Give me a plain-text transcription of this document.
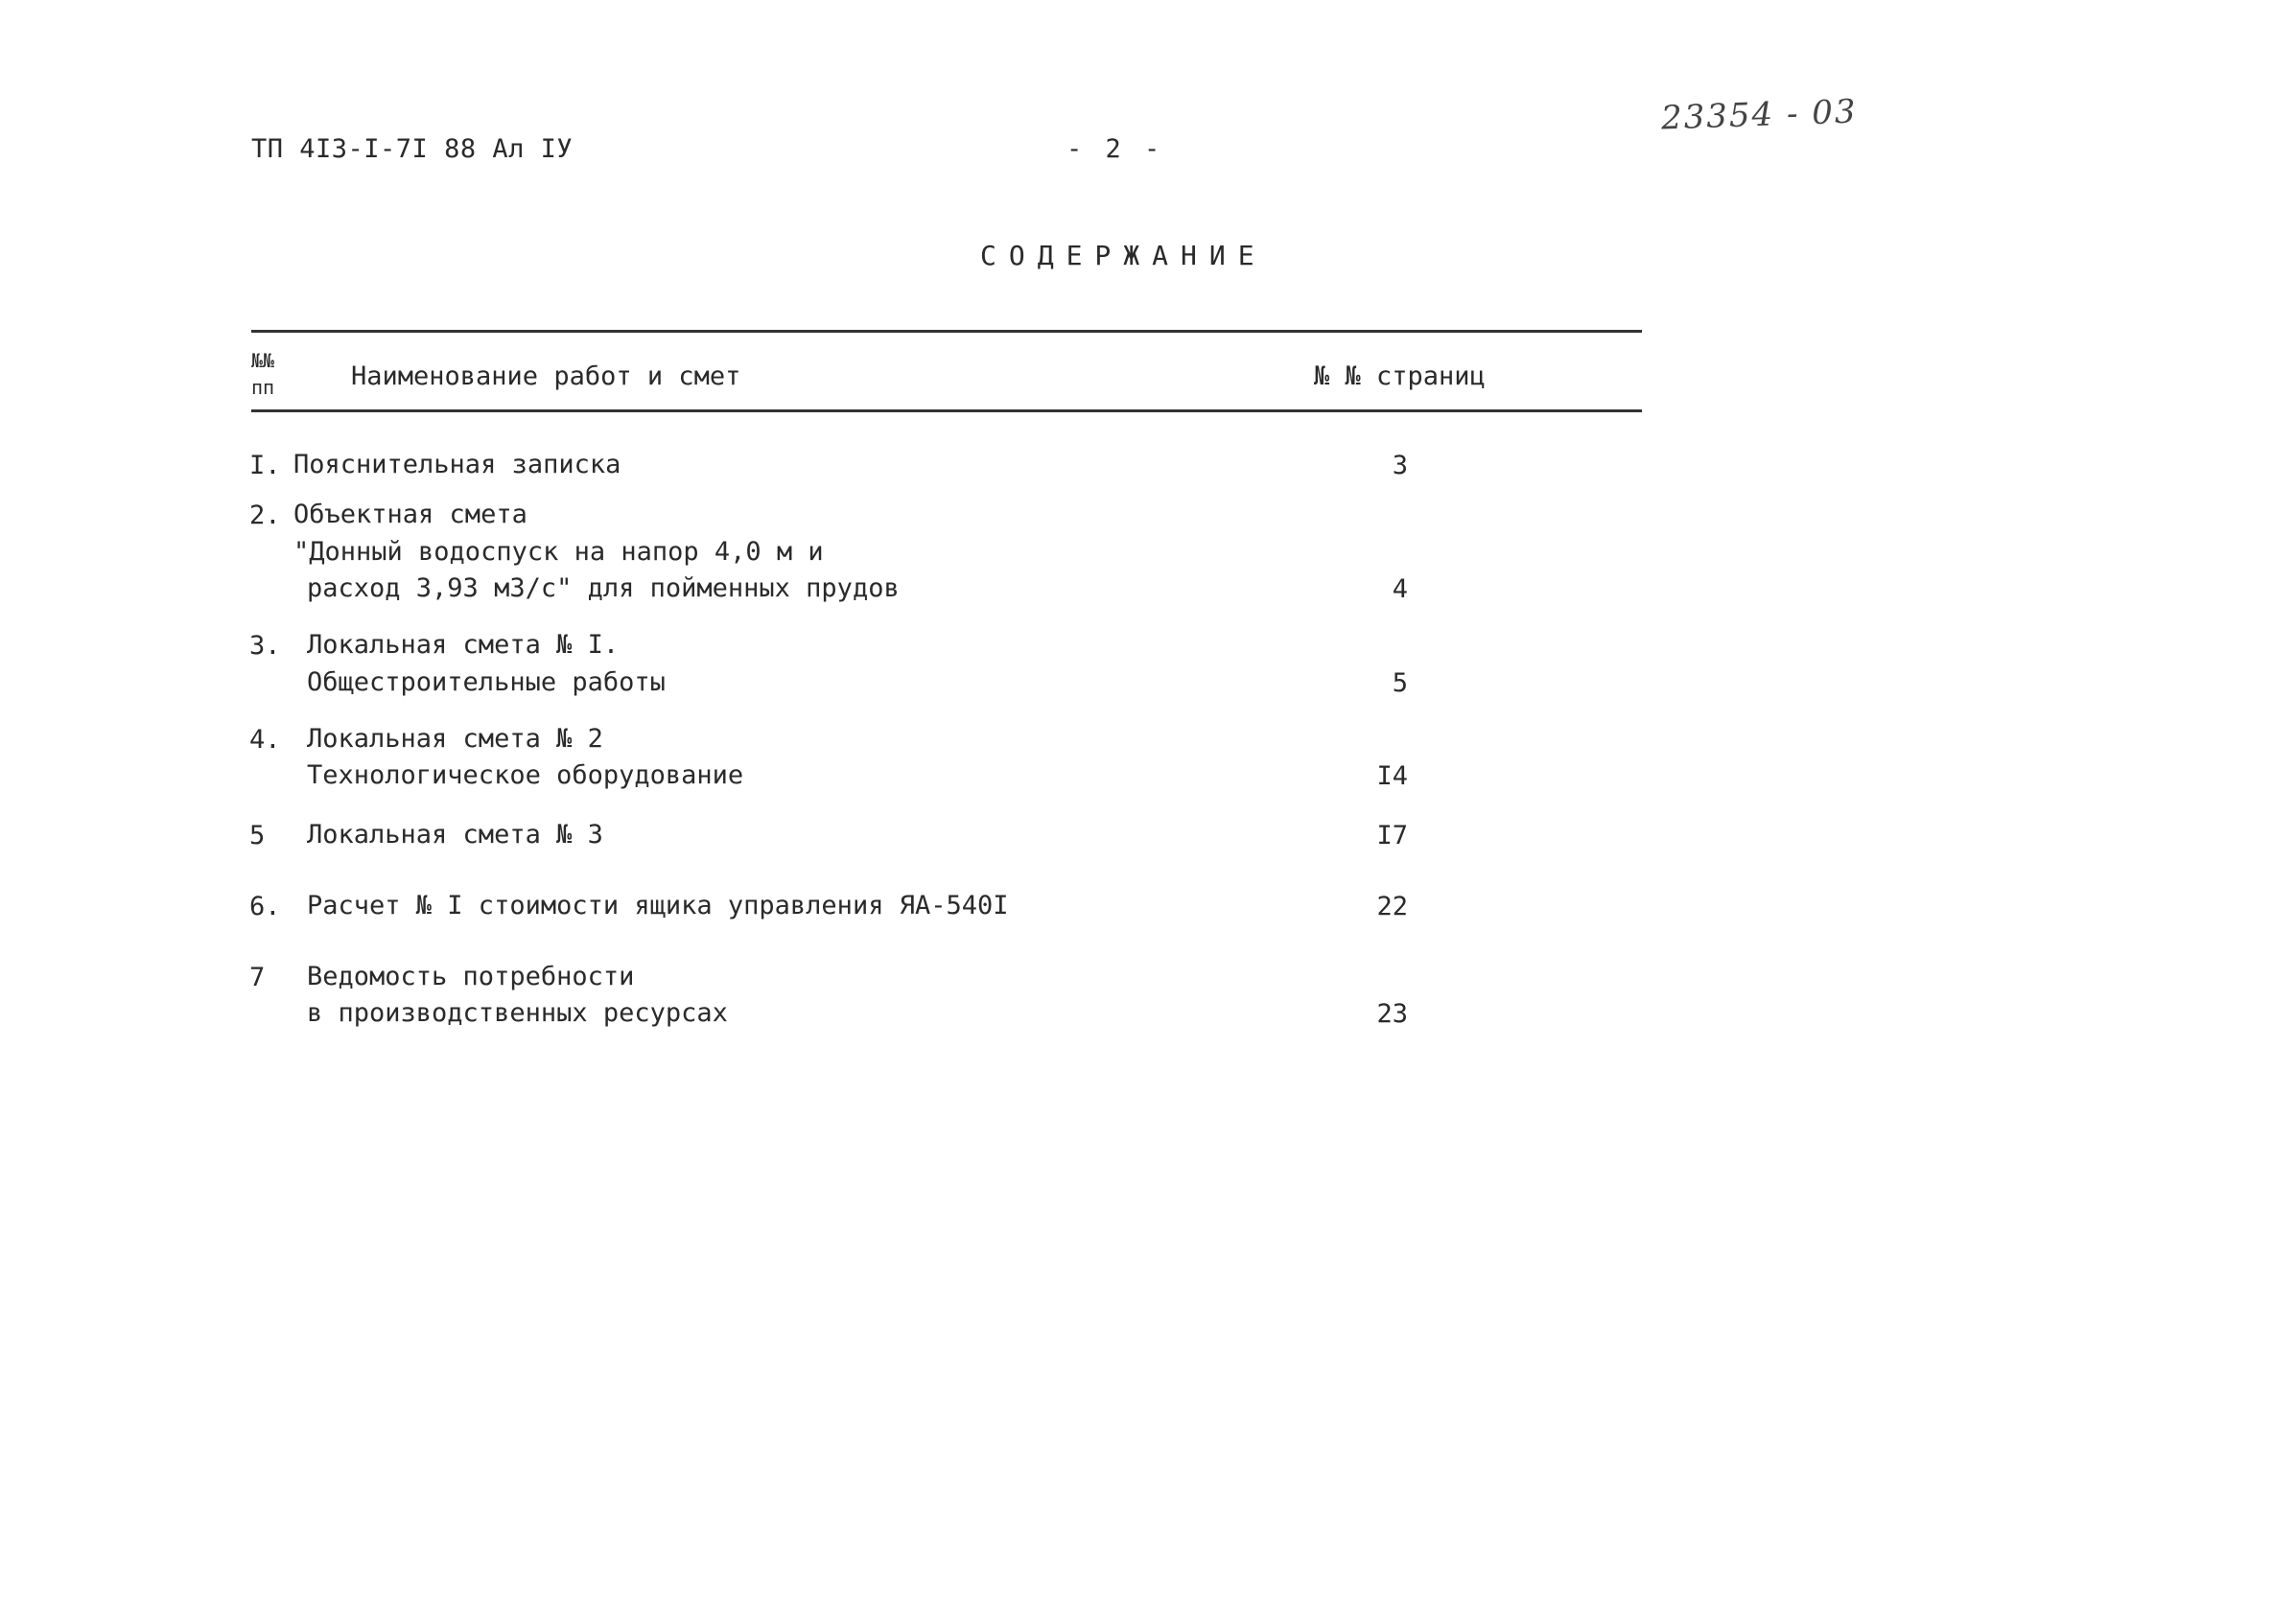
ТП 4I3-I-7I 88 Ал IУ	- 2 -
23354 - 03
СОДЕРЖАНИЕ
№№ пп	Наименование работ и смет	№ № страниц
I. Пояснительная записка	3
2. Объектная смета
"Донный водоспуск на напор 4,0 м и
расход 3,93 м3/с" для пойменных прудов	4
3. Локальная смета № I.
Общестроительные работы	5
4. Локальная смета № 2
Технологическое оборудование	I4
5 Локальная смета № 3	I7
6. Расчет № I стоимости ящика управления ЯА-540I	22
7 Ведомость потребности
в производственных ресурсах	23
